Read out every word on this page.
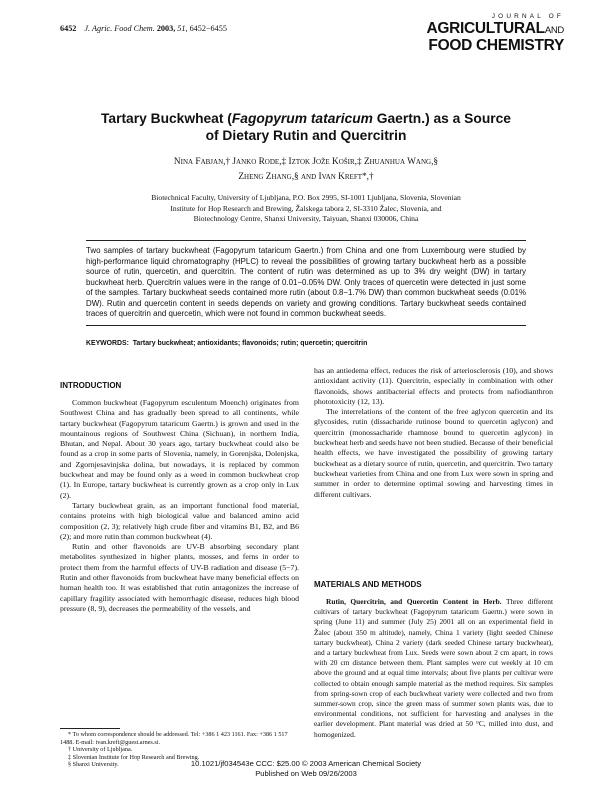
6452 J. Agric. Food Chem. 2003, 51, 6452−6455
JOURNAL OF
AGRICULTURALAND
FOOD CHEMISTRY
Tartary Buckwheat (Fagopyrum tataricum Gaertn.) as a Source
of Dietary Rutin and Quercitrin
Nina Fabjan,† Janko Rode,‡ Iztok Jože Košir,‡ Zhuanhua Wang,§
Zheng Zhang,§ and Ivan Kreft*,†
Biotechnical Faculty, University of Ljubljana, P.O. Box 2995, SI-1001 Ljubljana, Slovenia, Slovenian
Institute for Hop Research and Brewing, Žalskega tabora 2, SI-3310 Žalec, Slovenia, and
Biotechnology Centre, Shanxi University, Taiyuan, Shanxi 030006, China
Two samples of tartary buckwheat (Fagopyrum tataricum Gaertn.) from China and one from Luxembourg were studied by high-performance liquid chromatography (HPLC) to reveal the possibilities of growing tartary buckwheat herb as a possible source of rutin, quercetin, and quercitrin. The content of rutin was determined as up to 3% dry weight (DW) in tartary buckwheat herb. Quercitrin values were in the range of 0.01−0.05% DW. Only traces of quercetin were detected in just some of the samples. Tartary buckwheat seeds contained more rutin (about 0.8−1.7% DW) than common buckwheat seeds (0.01% DW). Rutin and quercetin content in seeds depends on variety and growing conditions. Tartary buckwheat seeds contained traces of quercitrin and quercetin, which were not found in common buckwheat seeds.
KEYWORDS: Tartary buckwheat; antioxidants; flavonoids; rutin; quercetin; quercitrin
INTRODUCTION

Common buckwheat (Fagopyrum esculentum Moench) originates from Southwest China and has gradually been spread to all continents, while tartary buckwheat (Fagopyrum tataricum Gaertn.) is grown and used in the mountainous regions of Southwest China (Sichuan), in northern India, Bhutan, and Nepal. About 30 years ago, tartary buckwheat could also be found as a crop in some parts of Slovenia, namely, in Gorenjska, Dolenjska, and Zgornjesavinjska dolina, but nowadays, it is replaced by common buckwheat and may be found only as a weed in common buckwheat crop (1). In Europe, tartary buckwheat is currently grown as a crop only in Lux (2).

Tartary buckwheat grain, as an important functional food material, contains proteins with high biological value and balanced amino acid composition (2, 3); relatively high crude fiber and vitamins B1, B2, and B6 (2); and more rutin than common buckwheat (4).

Rutin and other flavonoids are UV-B absorbing secondary plant metabolites synthesized in higher plants, mosses, and ferns in order to protect them from the harmful effects of UV-B radiation and disease (5−7). Rutin and other flavonoids from buckwheat have many beneficial effects on human health too. It was established that rutin antagonizes the increase of capillary fragility associated with hemorrhagic disease, reduces high blood pressure (8, 9), decreases the permeability of the vessels, and

has an antiedema effect, reduces the risk of arteriosclerosis (10), and shows antioxidant activity (11). Quercitrin, especially in combination with other flavonoids, shows antibacterial effects and protects from nafiodianthron phototoxicity (12, 13).

The interrelations of the content of the free aglycon quercetin and its glycosides, rutin (dissacharide rutinose bound to quercetin aglycon) and quercitrin (monossacharide rhamnose bound to quercetin aglycon) in buckwheat herb and seeds have not been studied. Because of their beneficial health effects, we have investigated the possibility of growing tartary buckwheat as a dietary source of rutin, quercetin, and quercitrin. Two tartary buckwheat varieties from China and one from Lux were sown in spring and summer in order to determine optimal sowing and harvesting times in different cultivars.

MATERIALS AND METHODS

Rutin, Quercitrin, and Quercetin Content in Herb. Three different cultivars of tartary buckwheat (Fagopyrum tataricum Gaertn.) were sown in spring (June 11) and summer (July 25) 2001 all on an experimental field in Žalec (about 350 m altitude), namely, China 1 variety (light seeded Chinese tartary buckwheat), China 2 variety (dark seeded Chinese tartary buckwheat), and a tartary buckwheat from Lux. Seeds were sown about 2 cm apart, in rows with 20 cm distance between them. Plant samples were cut weekly at 10 cm above the ground and at equal time intervals; about five plants per cultivar were collected to obtain enough sample material as the method requires. Six samples from spring-sown crop of each buckwheat variety were collected and two from summer-sown crop, since the green mass of summer sown plants was, due to environmental conditions, not sufficient for harvesting and analyses in the earlier development. Plant material was dried at 50 °C, milled into dust, and homogenized.

* To whom correspondence should be addressed. Tel: +386 1 423 1161. Fax: +386 1 517 1488. E-mail: ivan.kreft@guest.arnes.si.
† University of Ljubljana.
‡ Slovenian Institute for Hop Research and Brewing.
§ Shanxi University.	10.1021/jf034543e CCC: $25.00 © 2003 American Chemical Society
Published on Web 09/26/2003
